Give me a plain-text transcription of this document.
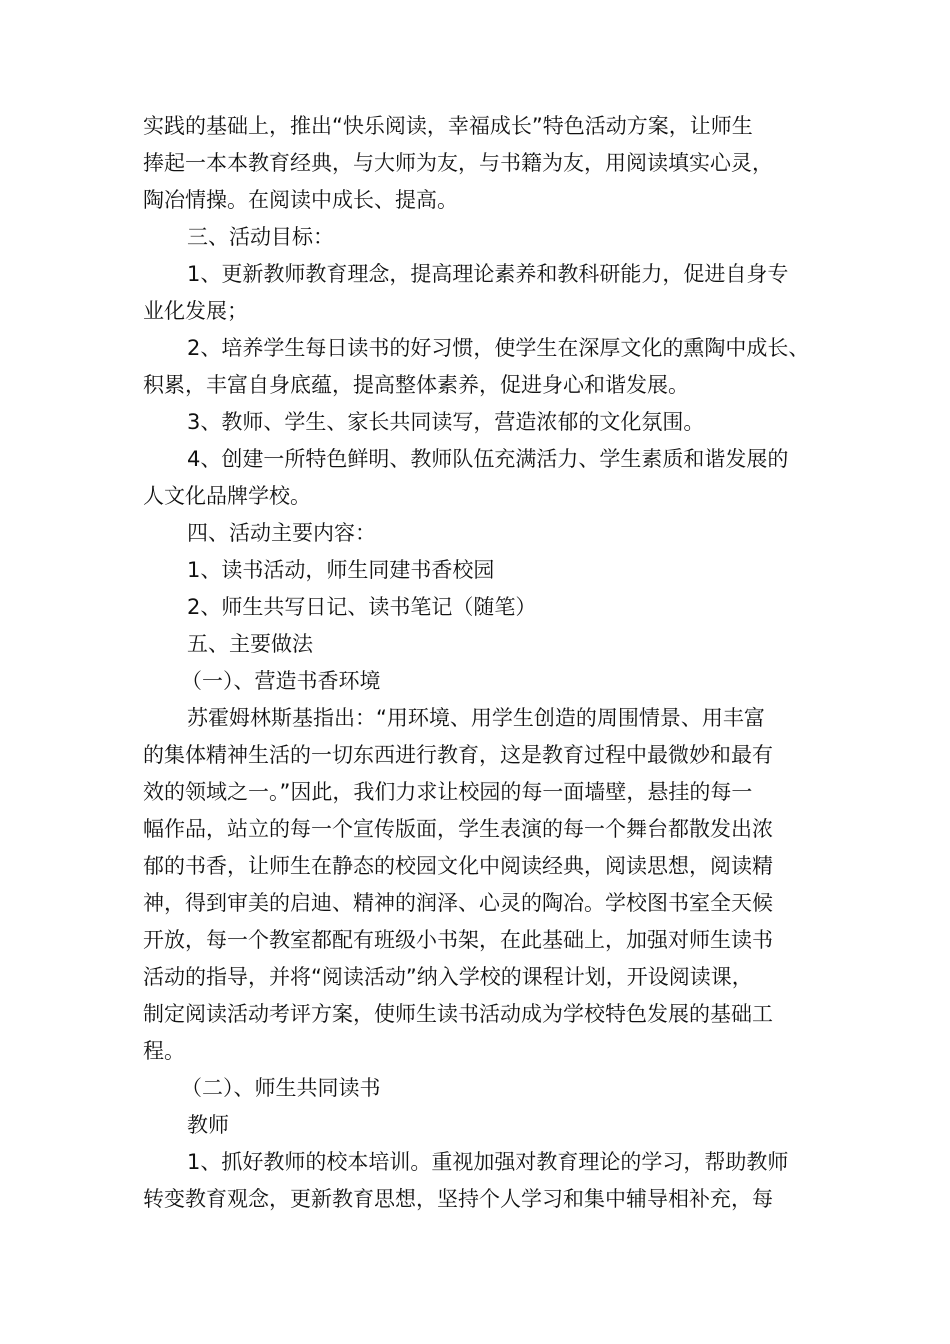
实践的基础上，推出“快乐阅读，幸福成长”特色活动方案，让师生
捧起一本本教育经典，与大师为友，与书籍为友，用阅读填实心灵，
陶冶情操。在阅读中成长、提高。
三、活动目标：
1、更新教师教育理念，提高理论素养和教科研能力，促进自身专
业化发展；
2、培养学生每日读书的好习惯，使学生在深厚文化的熏陶中成长、
积累，丰富自身底蕴，提高整体素养，促进身心和谐发展。
3、教师、学生、家长共同读写，营造浓郁的文化氛围。
4、创建一所特色鲜明、教师队伍充满活力、学生素质和谐发展的
人文化品牌学校。
四、活动主要内容：
1、读书活动，师生同建书香校园
2、师生共写日记、读书笔记（随笔）
五、主要做法
（一）、营造书香环境
苏霍姆林斯基指出：“用环境、用学生创造的周围情景、用丰富
的集体精神生活的一切东西进行教育，这是教育过程中最微妙和最有
效的领域之一。”因此，我们力求让校园的每一面墙壁，悬挂的每一
幅作品，站立的每一个宣传版面，学生表演的每一个舞台都散发出浓
郁的书香，让师生在静态的校园文化中阅读经典，阅读思想，阅读精
神，得到审美的启迪、精神的润泽、心灵的陶冶。学校图书室全天候
开放，每一个教室都配有班级小书架，在此基础上，加强对师生读书
活动的指导，并将“阅读活动”纳入学校的课程计划，开设阅读课，
制定阅读活动考评方案，使师生读书活动成为学校特色发展的基础工
程。
（二）、师生共同读书
教师
1、抓好教师的校本培训。重视加强对教育理论的学习，帮助教师
转变教育观念，更新教育思想，坚持个人学习和集中辅导相补充，每
